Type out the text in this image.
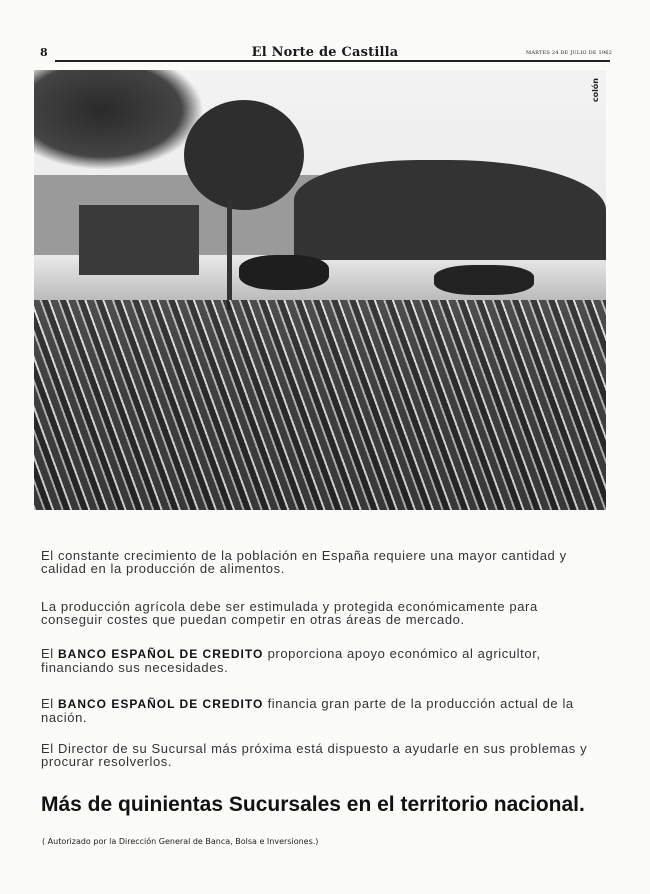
8	El Norte de Castilla	MARTES 24 DE JULIO DE 1962
colón
El constante crecimiento de la población en España requiere una mayor cantidad y calidad en la producción de alimentos.
La producción agrícola debe ser estimulada y protegida económicamente para conseguir costes que puedan competir en otras áreas de mercado.
El BANCO ESPAÑOL DE CREDITO proporciona apoyo económico al agricultor, financiando sus necesidades.
El BANCO ESPAÑOL DE CREDITO financia gran parte de la producción actual de la nación.
El Director de su Sucursal más próxima está dispuesto a ayudarle en sus problemas y procurar resolverlos.
Más de quinientas Sucursales en el territorio nacional.
( Autorizado por la Dirección General de Banca, Bolsa e Inversiones.)
